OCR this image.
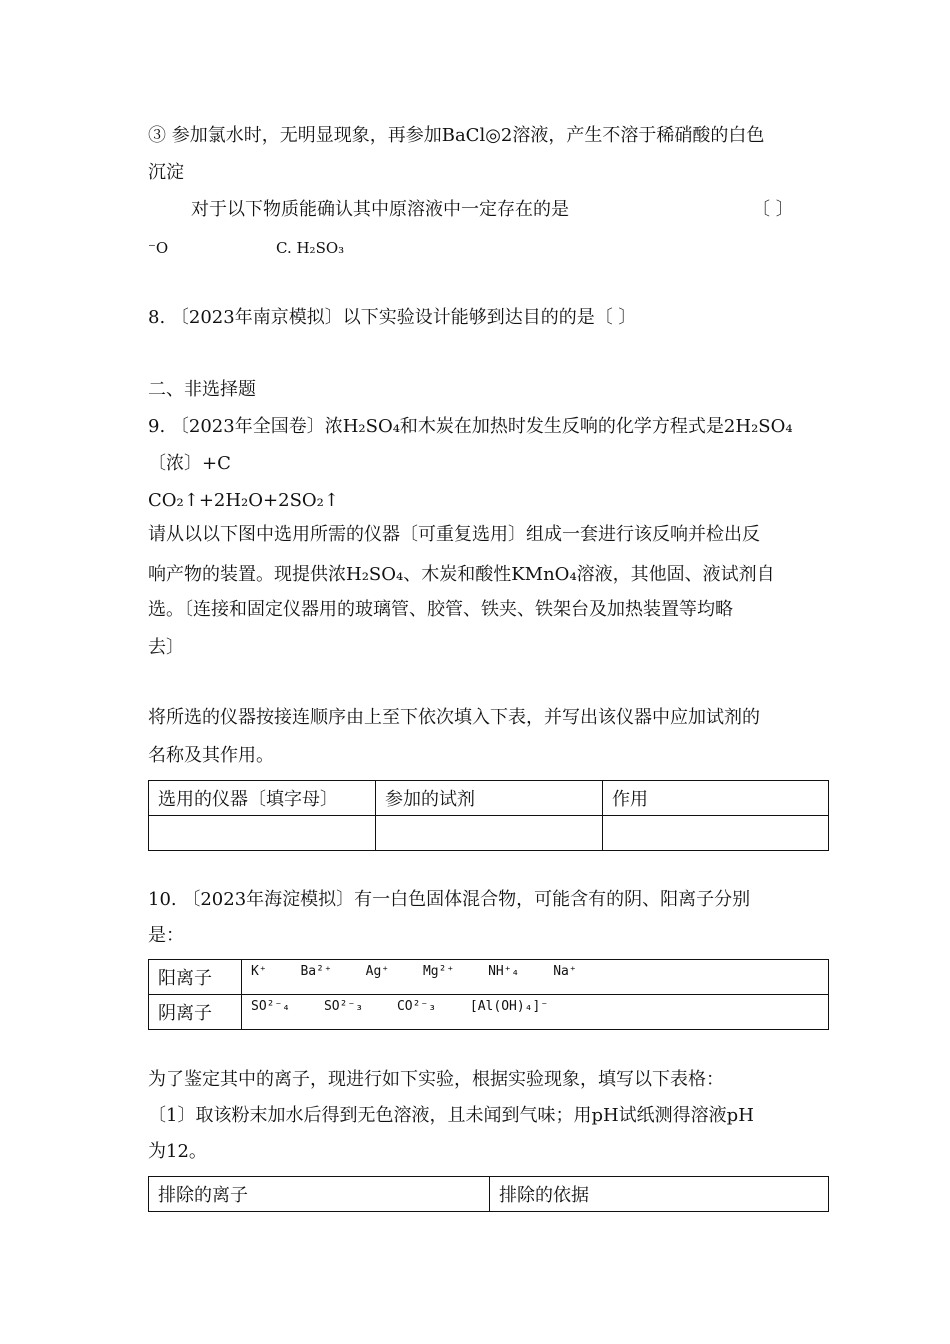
③ 参加氯水时，无明显现象，再参加BaCl◎2溶液，产生不溶于稀硝酸的白色
沉淀
对于以下物质能确认其中原溶液中一定存在的是	〔 〕
⁻O	C. H₂SO₃
8. 〔2023年南京模拟〕以下实验设计能够到达目的的是〔 〕
二、非选择题
9. 〔2023年全国卷〕浓H₂SO₄和木炭在加热时发生反响的化学方程式是2H₂SO₄
〔浓〕+C
CO₂↑+2H₂O+2SO₂↑
请从以以下图中选用所需的仪器〔可重复选用〕组成一套进行该反响并检出反
响产物的装置。现提供浓H₂SO₄、木炭和酸性KMnO₄溶液，其他固、液试剂自
选。〔连接和固定仪器用的玻璃管、胶管、铁夹、铁架台及加热装置等均略
去〕
将所选的仪器按接连顺序由上至下依次填入下表，并写出该仪器中应加试剂的
名称及其作用。
选用的仪器〔填字母〕	参加的试剂	作用

10. 〔2023年海淀模拟〕有一白色固体混合物，可能含有的阴、阳离子分别
是：
阳离子	K⁺ Ba²⁺ Ag⁺ Mg²⁺ NH⁺₄ Na⁺
阴离子	SO²⁻₄ SO²⁻₃ CO²⁻₃ [Al(OH)₄]⁻
为了鉴定其中的离子，现进行如下实验，根据实验现象，填写以下表格：
〔1〕取该粉末加水后得到无色溶液，且未闻到气味；用pH试纸测得溶液pH
为12。
排除的离子	排除的依据
